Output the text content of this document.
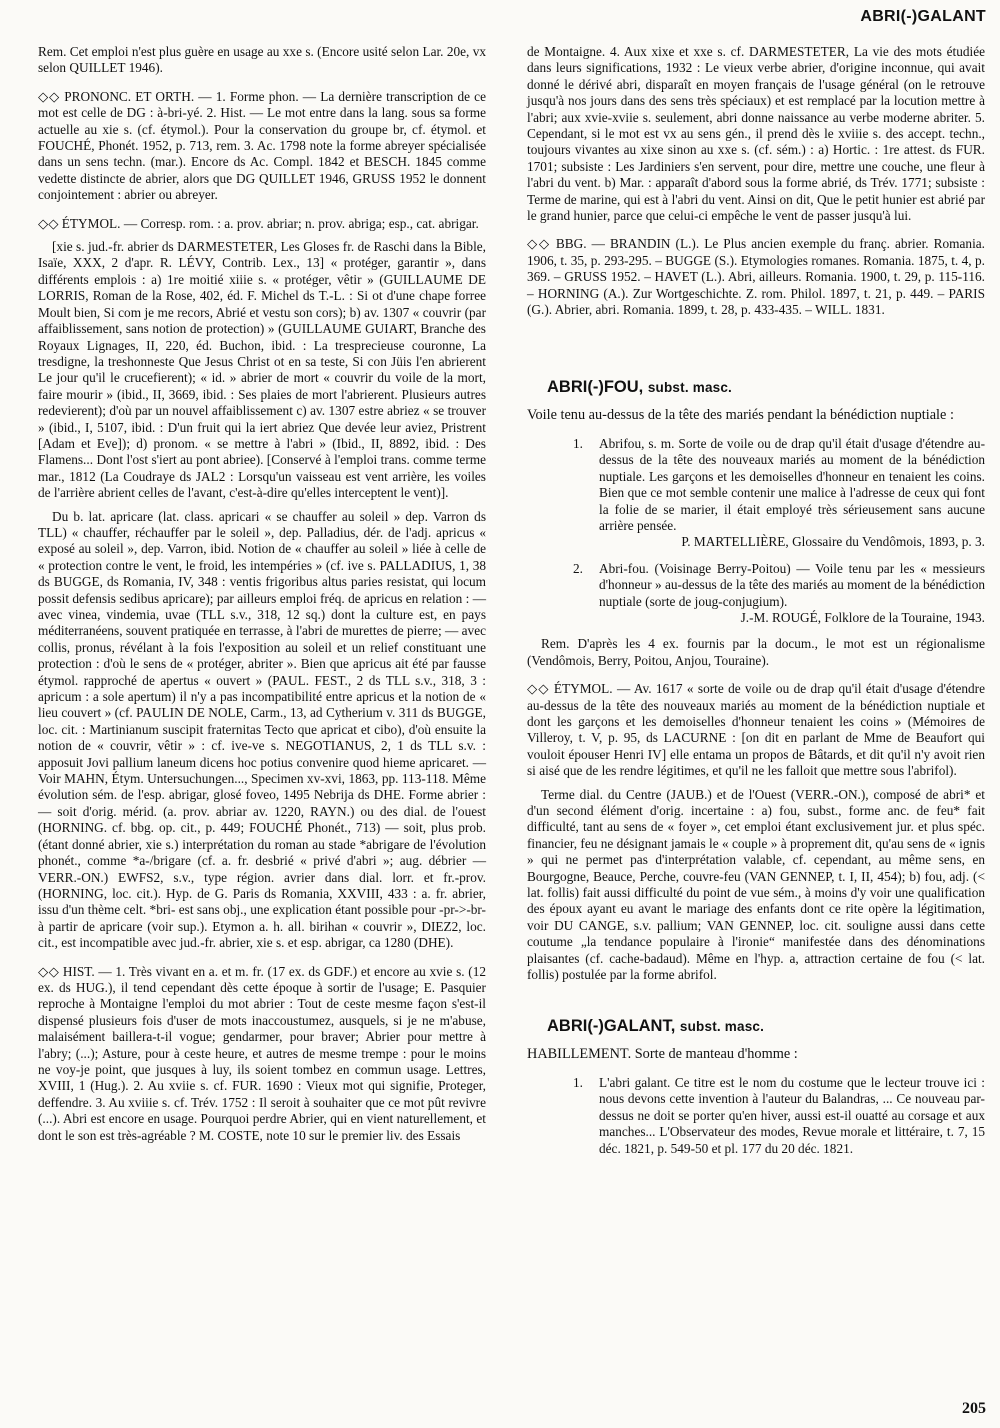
ABRI(-)GALANT

Rem. Cet emploi n'est plus guère en usage au xxe s. (Encore usité selon Lar. 20e, vx selon QUILLET 1946).

◇◇ PRONONC. ET ORTH. — 1. Forme phon. — La dernière transcription de ce mot est celle de DG : à-bri-yé. 2. Hist. — Le mot entre dans la lang. sous sa forme actuelle au xie s. (cf. étymol.). Pour la conservation du groupe br, cf. étymol. et FOUCHÉ, Phonét. 1952, p. 713, rem. 3. Ac. 1798 note la forme abreyer spécialisée dans un sens techn. (mar.). Encore ds Ac. Compl. 1842 et BESCH. 1845 comme vedette distincte de abrier, alors que DG QUILLET 1946, GRUSS 1952 le donnent conjointement : abrier ou abreyer.

◇◇ ÉTYMOL. — Corresp. rom. : a. prov. abriar; n. prov. abriga; esp., cat. abrigar.

[xie s. jud.-fr. abrier ds DARMESTETER, Les Gloses fr. de Raschi dans la Bible, Isaïe, XXX, 2 d'apr. R. LÉVY, Contrib. Lex., 13] « protéger, garantir », dans différents emplois : a) 1re moitié xiiie s. « protéger, vêtir » (GUILLAUME DE LORRIS, Roman de la Rose, 402, éd. F. Michel ds T.-L. : Si ot d'une chape forree Moult bien, Si com je me recors, Abrié et vestu son cors); b) av. 1307 « couvrir (par affaiblissement, sans notion de protection) » (GUILLAUME GUIART, Branche des Royaux Lignages, II, 220, éd. Buchon, ibid. : La trespreciеuse couronne, La tresdigne, la treshonneste Que Jesus Christ ot en sa teste, Si con Jüis l'en abrierent Le jour qu'il le crucefierent); « id. » abrier de mort « couvrir du voile de la mort, faire mourir » (ibid., II, 3669, ibid. : Ses plaies de mort l'abrierent. Plusieurs autres redevierent); d'où par un nouvel affaiblissement c) av. 1307 estre abriez « se trouver » (ibid., I, 5107, ibid. : D'un fruit qui la iert abriez Que devée leur aviez, Pristrent [Adam et Eve]); d) pronom. « se mettre à l'abri » (Ibid., II, 8892, ibid. : Des Flamens... Dont l'ost s'iert au pont abriee). [Conservé à l'emploi trans. comme terme mar., 1812 (La Coudraye ds JAL2 : Lorsqu'un vaisseau est vent arrière, les voiles de l'arrière abrient celles de l'avant, c'est-à-dire qu'elles interceptent le vent)].

Du b. lat. apricare (lat. class. apricari « se chauffer au soleil » dep. Varron ds TLL) « chauffer, réchauffer par le soleil », dep. Palladius, dér. de l'adj. apricus « exposé au soleil », dep. Varron, ibid. Notion de « chauffer au soleil » liée à celle de « protection contre le vent, le froid, les intempéries » (cf. ive s. PALLADIUS, 1, 38 ds BUGGE, ds Romania, IV, 348 : ventis frigoribus altus paries resistat, qui locum possit defensis sedibus apricare); par ailleurs emploi fréq. de apricus en relation : — avec vinea, vindemia, uvae (TLL s.v., 318, 12 sq.) dont la culture est, en pays méditerranéens, souvent pratiquée en terrasse, à l'abri de murettes de pierre; — avec collis, pronus, révélant à la fois l'exposition au soleil et un relief constituant une protection : d'où le sens de « protéger, abriter ». Bien que apricus ait été par fausse étymol. rapproché de apertus « ouvert » (PAUL. FEST., 2 ds TLL s.v., 318, 3 : apricum : a sole apertum) il n'y a pas incompatibilité entre apricus et la notion de « lieu couvert » (cf. PAULIN DE NOLE, Carm., 13, ad Cytherium v. 311 ds BUGGE, loc. cit. : Martinianum suscipit fraternitas Tecto que apricat et cibo), d'où ensuite la notion de « couvrir, vêtir » : cf. ive-ve s. NEGOTIANUS, 2, 1 ds TLL s.v. : apposuit Jovi pallium laneum dicens hoc potius convenire quod hieme apricaret. — Voir MAHN, Étym. Untersuchungen..., Specimen xv-xvi, 1863, pp. 113-118. Même évolution sém. de l'esp. abrigar, glosé foveo, 1495 Nebrija ds DHE. Forme abrier : — soit d'orig. mérid. (a. prov. abriar av. 1220, RAYN.) ou des dial. de l'ouest (HORNING. cf. bbg. op. cit., p. 449; FOUCHÉ Phonét., 713) — soit, plus prob. (étant donné abrier, xie s.) interprétation du roman au stade *abrigare de l'évolution phonét., comme *a-/brigare (cf. a. fr. desbrié « privé d'abri »; aug. débrier — VERR.-ON.) EWFS2, s.v., type région. avrier dans dial. lorr. et fr.-prov. (HORNING, loc. cit.). Hyp. de G. Paris ds Romania, XXVIII, 433 : a. fr. abrier, issu d'un thème celt. *bri- est sans obj., une explication étant possible pour -pr->-br- à partir de apricare (voir sup.). Etymon a. h. all. birihan « couvrir », DIEZ2, loc. cit., est incompatible avec jud.-fr. abrier, xie s. et esp. abrigar, ca 1280 (DHE).

◇◇ HIST. — 1. Très vivant en a. et m. fr. (17 ex. ds GDF.) et encore au xvie s. (12 ex. ds HUG.), il tend cependant dès cette époque à sortir de l'usage; E. Pasquier reproche à Montaigne l'emploi du mot abrier : Tout de ceste mesme façon s'est-il dispensé plusieurs fois d'user de mots inaccoustumez, ausquels, si je ne m'abuse, malaisément baillera-t-il vogue; gendarmer, pour braver; Abrier pour mettre à l'abry; (...); Asture, pour à ceste heure, et autres de mesme trempe : pour le moins ne voy-je point, que jusques à luy, ils soient tombez en commun usage. Lettres, XVIII, 1 (Hug.). 2. Au xviie s. cf. FUR. 1690 : Vieux mot qui signifie, Proteger, deffendre. 3. Au xviiie s. cf. Trév. 1752 : Il seroit à souhaiter que ce mot pût revivre (...). Abri est encore en usage. Pourquoi perdre Abrier, qui en vient naturellement, et dont le son est très-agréable ? M. COSTE, note 10 sur le premier liv. des Essais

de Montaigne. 4. Aux xixe et xxe s. cf. DARMESTETER, La vie des mots étudiée dans leurs significations, 1932 : Le vieux verbe abrier, d'origine inconnue, qui avait donné le dérivé abri, disparaît en moyen français de l'usage général (on le retrouve jusqu'à nos jours dans des sens très spéciaux) et est remplacé par la locution mettre à l'abri; aux xvie-xviie s. seulement, abri donne naissance au verbe moderne abriter. 5. Cependant, si le mot est vx au sens gén., il prend dès le xviiie s. des accept. techn., toujours vivantes au xixe sinon au xxe s. (cf. sém.) : a) Hortic. : 1re attest. ds FUR. 1701; subsiste : Les Jardiniers s'en servent, pour dire, mettre une couche, une fleur à l'abri du vent. b) Mar. : apparaît d'abord sous la forme abrié, ds Trév. 1771; subsiste : Terme de marine, qui est à l'abri du vent. Ainsi on dit, Que le petit hunier est abrié par le grand hunier, parce que celui-ci empêche le vent de passer jusqu'à lui.

◇◇ BBG. — BRANDIN (L.). Le Plus ancien exemple du franç. abrier. Romania. 1906, t. 35, p. 293-295. – BUGGE (S.). Etymologies romanes. Romania. 1875, t. 4, p. 369. – GRUSS 1952. – HAVET (L.). Abri, ailleurs. Romania. 1900, t. 29, p. 115-116. – HORNING (A.). Zur Wortgeschichte. Z. rom. Philol. 1897, t. 21, p. 449. – PARIS (G.). Abrier, abri. Romania. 1899, t. 28, p. 433-435. – WILL. 1831.

ABRI(-)FOU, subst. masc.

Voile tenu au-dessus de la tête des mariés pendant la bénédiction nuptiale :

1. Abrifou, s. m. Sorte de voile ou de drap qu'il était d'usage d'étendre au-dessus de la tête des nouveaux mariés au moment de la bénédiction nuptiale. Les garçons et les demoiselles d'honneur en tenaient les coins. Bien que ce mot semble contenir une malice à l'adresse de ceux qui font la folie de se marier, il était employé très sérieusement sans aucune arrière pensée.
P. MARTELLIÈRE, Glossaire du Vendômois, 1893, p. 3.
2. Abri-fou. (Voisinage Berry-Poitou) — Voile tenu par les « messieurs d'honneur » au-dessus de la tête des mariés au moment de la bénédiction nuptiale (sorte de joug-conjugium).
J.-M. ROUGÉ, Folklore de la Touraine, 1943.

Rem. D'après les 4 ex. fournis par la docum., le mot est un régionalisme (Vendômois, Berry, Poitou, Anjou, Touraine).

◇◇ ÉTYMOL. — Av. 1617 « sorte de voile ou de drap qu'il était d'usage d'étendre au-dessus de la tête des nouveaux mariés au moment de la bénédiction nuptiale et dont les garçons et les demoiselles d'honneur tenaient les coins » (Mémoires de Villeroy, t. V, p. 95, ds LACURNE : [on dit en parlant de Mme de Beaufort qui vouloit épouser Henri IV] elle entama un propos de Bâtards, et dit qu'il n'y avoit rien si aisé que de les rendre légitimes, et qu'il ne les falloit que mettre sous l'abrifol).

Terme dial. du Centre (JAUB.) et de l'Ouest (VERR.-ON.), composé de abri* et d'un second élément d'orig. incertaine : a) fou, subst., forme anc. de feu* fait difficulté, tant au sens de « foyer », cet emploi étant exclusivement jur. et plus spéc. financier, feu ne désignant jamais le « couple » à proprement dit, qu'au sens de « ignis » qui ne permet pas d'interprétation valable, cf. cependant, au même sens, en Bourgogne, Beauce, Perche, couvre-feu (VAN GENNEP, t. I, II, 454); b) fou, adj. (< lat. follis) fait aussi difficulté du point de vue sém., à moins d'y voir une qualification des époux ayant eu avant le mariage des enfants dont ce rite opère la légitimation, voir DU CANGE, s.v. pallium; VAN GENNEP, loc. cit. souligne aussi dans cette coutume „la tendance populaire à l'ironie“ manifestée dans des dénominations plaisantes (cf. cache-badaud). Même en l'hyp. a, attraction certaine de fou (< lat. follis) postulée par la forme abrifol.

ABRI(-)GALANT, subst. masc.

HABILLEMENT. Sorte de manteau d'homme :

1. L'abri galant. Ce titre est le nom du costume que le lecteur trouve ici : nous devons cette invention à l'auteur du Balandras, ... Ce nouveau par-dessus ne doit se porter qu'en hiver, aussi est-il ouatté au corsage et aux manches... L'Observateur des modes, Revue morale et littéraire, t. 7, 15 déc. 1821, p. 549-50 et pl. 177 du 20 déc. 1821.
205
